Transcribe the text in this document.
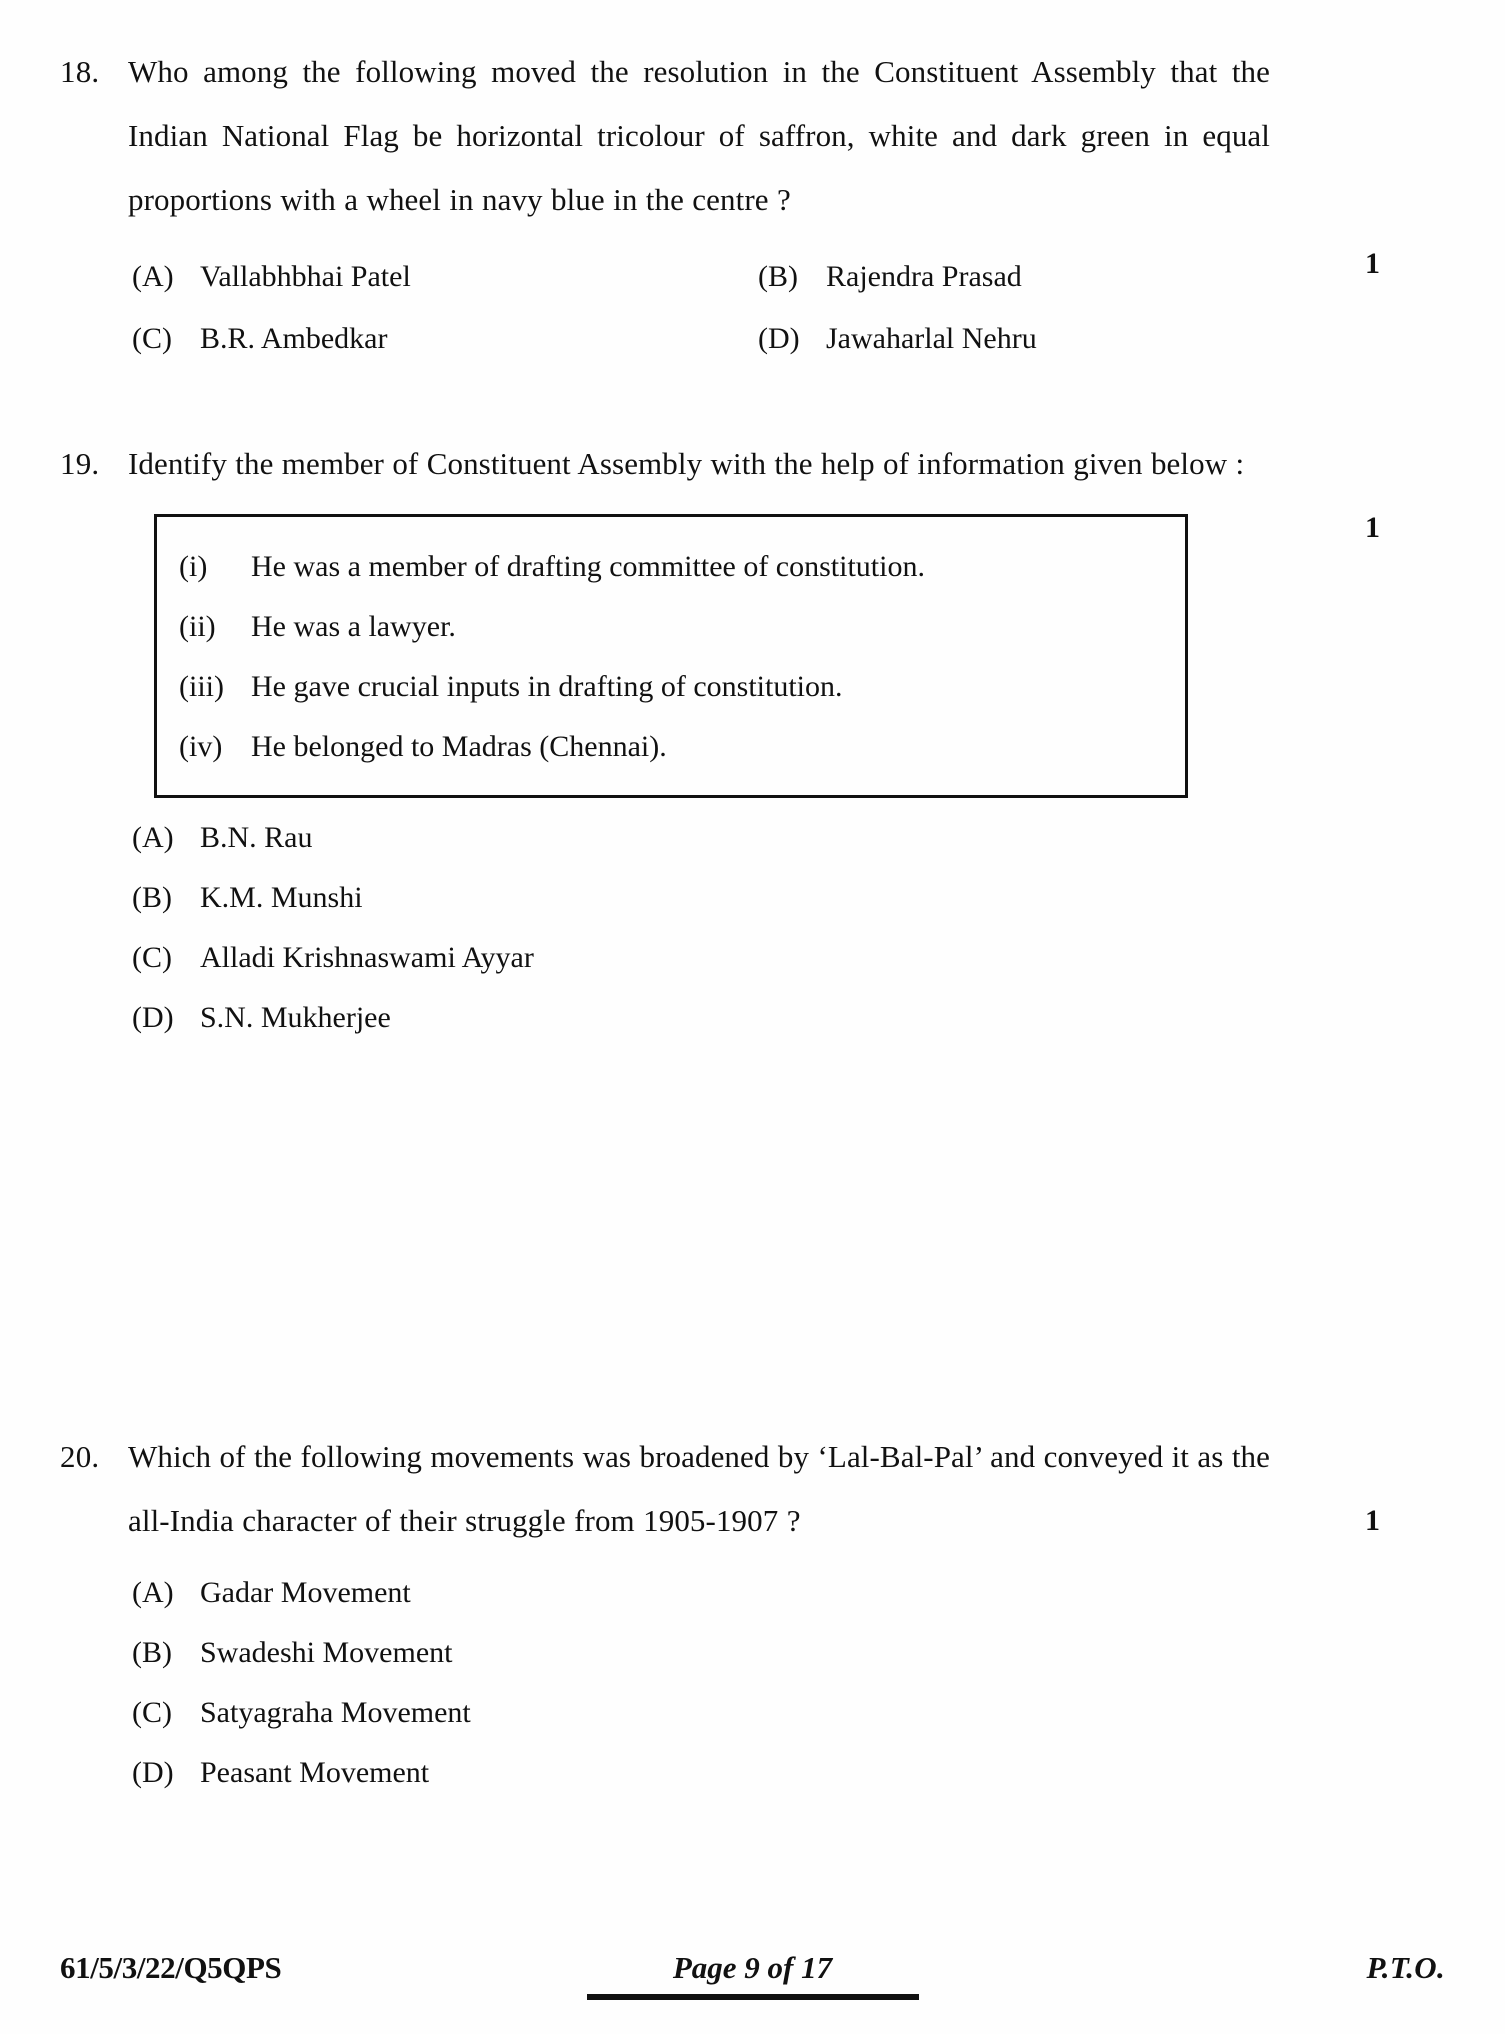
18. Who among the following moved the resolution in the Constituent Assembly that the Indian National Flag be horizontal tricolour of saffron, white and dark green in equal proportions with a wheel in navy blue in the centre ?
1
(A) Vallabhbhai Patel	(B) Rajendra Prasad
(C) B.R. Ambedkar	(D) Jawaharlal Nehru
19. Identify the member of Constituent Assembly with the help of information given below :
1
(i)	He was a member of drafting committee of constitution.
(ii)	He was a lawyer.
(iii) He gave crucial inputs in drafting of constitution.
(iv) He belonged to Madras (Chennai).
(A) B.N. Rau
(B) K.M. Munshi
(C) Alladi Krishnaswami Ayyar
(D) S.N. Mukherjee
20. Which of the following movements was broadened by ‘Lal-Bal-Pal’ and conveyed it as the all-India character of their struggle from 1905-1907 ?	1
(A) Gadar Movement
(B) Swadeshi Movement
(C) Satyagraha Movement
(D) Peasant Movement
61/5/3/22/Q5QPS	Page 9 of 17	P.T.O.
